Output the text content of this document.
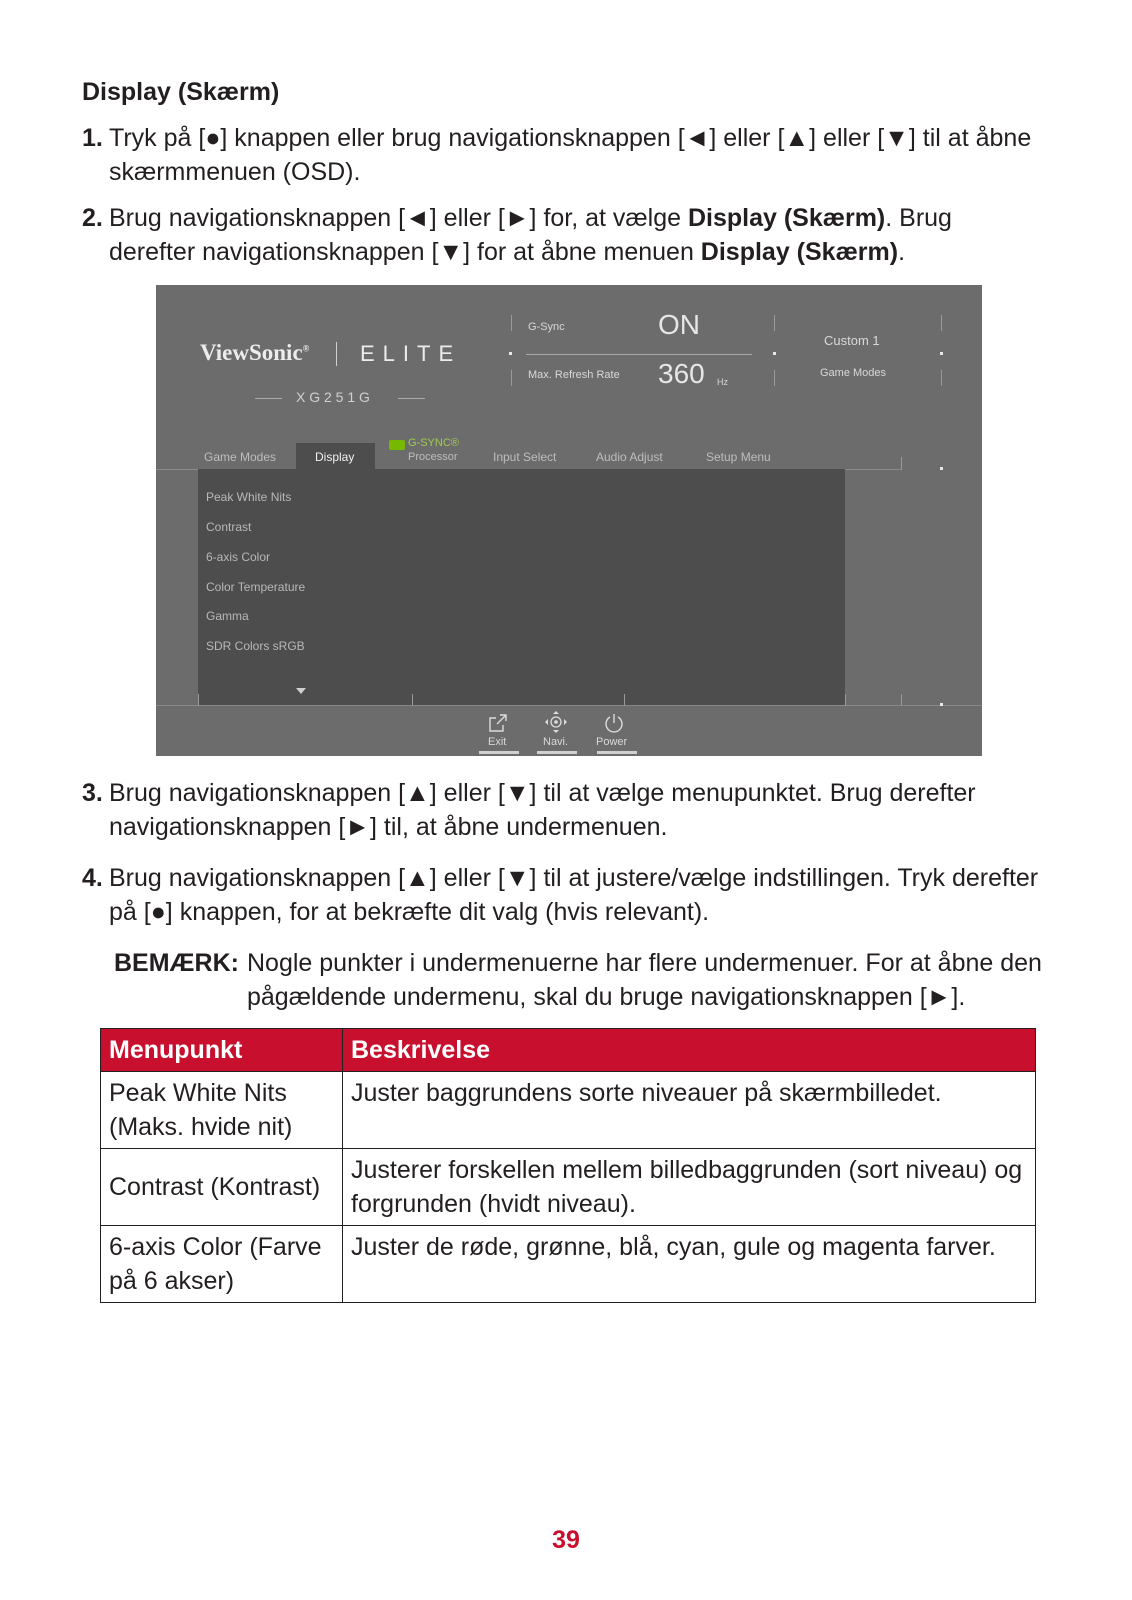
Display (Skærm)
1. Tryk på [●] knappen eller brug navigationsknappen [◄] eller [▲] eller [▼] til at åbne skærmmenuen (OSD).
2. Brug navigationsknappen [◄] eller [►] for, at vælge Display (Skærm). Brug derefter navigationsknappen [▼] for at åbne menuen Display (Skærm).
ViewSonic® ELITE
X G 2 5 1 G
G-Sync	ON
Max. Refresh Rate 360 Hz
Custom 1
Game Modes
Game Modes	Display
G-SYNC®
Processor	Input Select	Audio Adjust	Setup Menu
Peak White Nits
Contrast
6-axis Color
Color Temperature
Gamma
SDR Colors sRGB
Exit	Navi.	Power
3. Brug navigationsknappen [▲] eller [▼] til at vælge menupunktet. Brug derefter navigationsknappen [►] til, at åbne undermenuen.
4. Brug navigationsknappen [▲] eller [▼] til at justere/vælge indstillingen. Tryk derefter på [●] knappen, for at bekræfte dit valg (hvis relevant).
BEMÆRK: Nogle punkter i undermenuerne har flere undermenuer. For at åbne den pågældende undermenu, skal du bruge navigationsknappen [►].
Menupunkt	Beskrivelse
Peak White Nits (Maks. hvide nit)	Juster baggrundens sorte niveauer på skærmbilledet.
Contrast (Kontrast)	Justerer forskellen mellem billedbaggrunden (sort niveau) og forgrunden (hvidt niveau).
6-axis Color (Farve på 6 akser)	Juster de røde, grønne, blå, cyan, gule og magenta farver.
39
